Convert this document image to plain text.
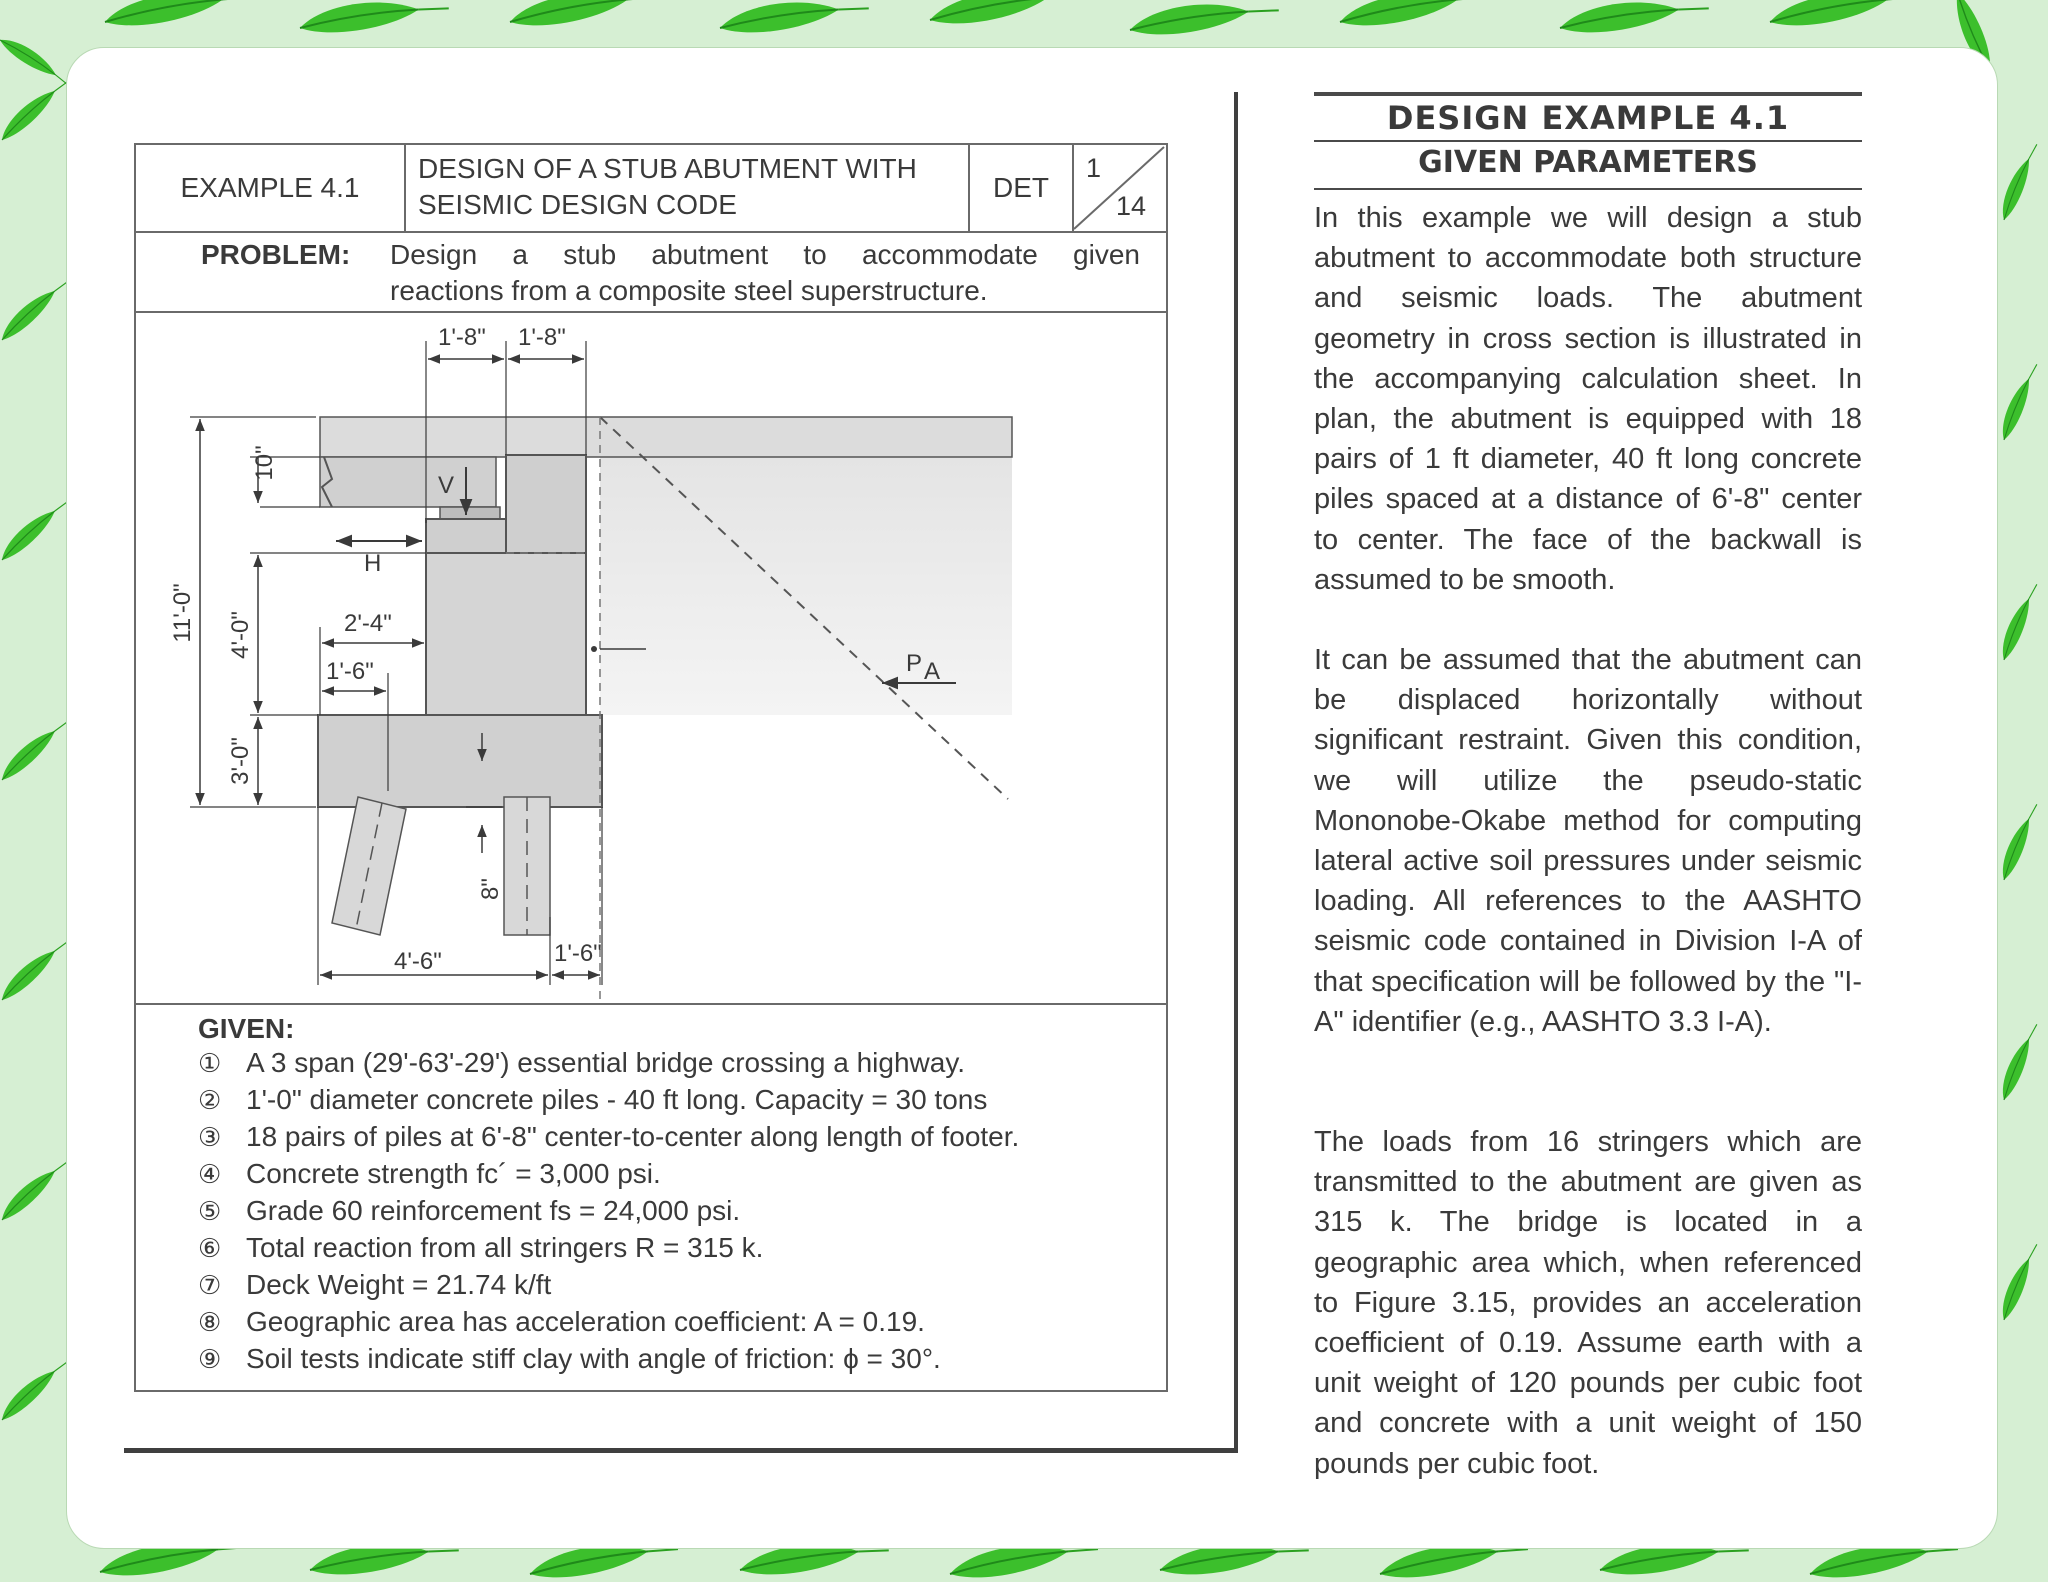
EXAMPLE 4.1
DESIGN OF A STUB ABUTMENT WITH
SEISMIC DESIGN CODE
DET
1
14
PROBLEM: Design a stub abutment to accommodate given
reactions from a composite steel superstructure.
P A
V
H
1'-8" 1'-8"
11'-0"
10"
4'-0"
3'-0"
2'-4"
1'-6"
8"
4'-6"	1'-6"
GIVEN:
① A 3 span (29'-63'-29') essential bridge crossing a highway.
② 1'-0" diameter concrete piles - 40 ft long. Capacity = 30 tons
③ 18 pairs of piles at 6'-8" center-to-center along length of footer.
④ Concrete strength fc´ = 3,000 psi.
⑤ Grade 60 reinforcement fs = 24,000 psi.
⑥ Total reaction from all stringers R = 315 k.
⑦ Deck Weight = 21.74 k/ft
⑧ Geographic area has acceleration coefficient: A = 0.19.
⑨ Soil tests indicate stiff clay with angle of friction: ϕ = 30°.
DESIGN EXAMPLE 4.1
GIVEN PARAMETERS
In this example we will design a stub abutment to accommodate both structure and seismic loads. The abutment geometry in cross section is illustrated in the accompanying calculation sheet. In plan, the abutment is equipped with 18 pairs of 1 ft diameter, 40 ft long concrete piles spaced at a distance of 6'-8" center to center. The face of the backwall is assumed to be smooth.
It can be assumed that the abutment can be displaced horizontally without significant restraint. Given this condition, we will utilize the pseudo-static Mononobe-Okabe method for computing lateral active soil pressures under seismic loading. All references to the AASHTO seismic code contained in Division I-A of that specification will be followed by the "I-A" identifier (e.g., AASHTO 3.3 I-A).
The loads from 16 stringers which are transmitted to the abutment are given as 315 k. The bridge is located in a geographic area which, when referenced to Figure 3.15, provides an acceleration coefficient of 0.19. Assume earth with a unit weight of 120 pounds per cubic foot and concrete with a unit weight of 150 pounds per cubic foot.
